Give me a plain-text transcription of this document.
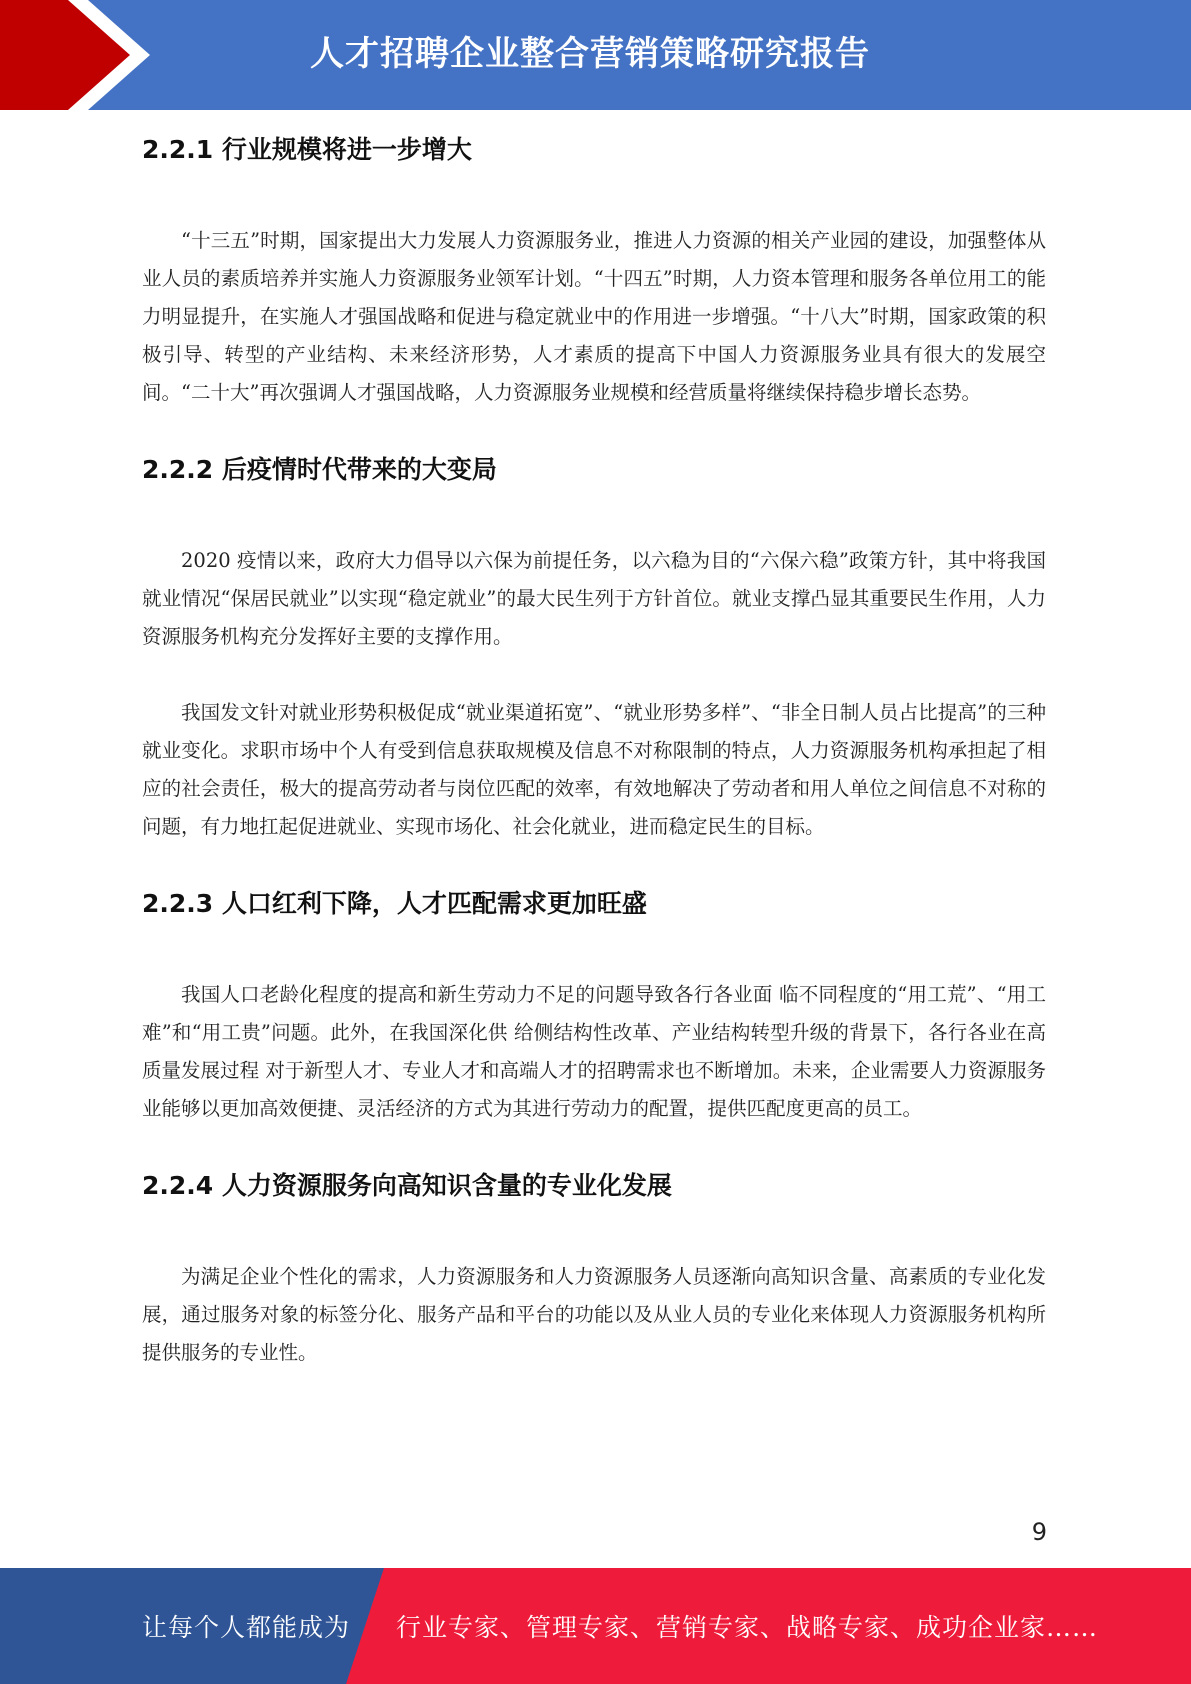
人才招聘企业整合营销策略研究报告
2.2.1 行业规模将进一步增大

“十三五”时期，国家提出大力发展人力资源服务业，推进人力资源的相关产业园的建设，加强整体从业人员的素质培养并实施人力资源服务业领军计划。“十四五”时期，人力资本管理和服务各单位用工的能力明显提升，在实施人才强国战略和促进与稳定就业中的作用进一步增强。“十八大”时期，国家政策的积极引导、转型的产业结构、未来经济形势，人才素质的提高下中国人力资源服务业具有很大的发展空间。“二十大”再次强调人才强国战略，人力资源服务业规模和经营质量将继续保持稳步增长态势。

2.2.2 后疫情时代带来的大变局

2020 疫情以来，政府大力倡导以六保为前提任务，以六稳为目的“六保六稳”政策方针，其中将我国就业情况“保居民就业”以实现“稳定就业”的最大民生列于方针首位。就业支撑凸显其重要民生作用，人力资源服务机构充分发挥好主要的支撑作用。

我国发文针对就业形势积极促成“就业渠道拓宽”、“就业形势多样”、“非全日制人员占比提高”的三种就业变化。求职市场中个人有受到信息获取规模及信息不对称限制的特点，人力资源服务机构承担起了相应的社会责任，极大的提高劳动者与岗位匹配的效率，有效地解决了劳动者和用人单位之间信息不对称的问题，有力地扛起促进就业、实现市场化、社会化就业，进而稳定民生的目标。

2.2.3 人口红利下降，人才匹配需求更加旺盛

我国人口老龄化程度的提高和新生劳动力不足的问题导致各行各业面 临不同程度的“用工荒”、“用工难”和“用工贵”问题。此外，在我国深化供 给侧结构性改革、产业结构转型升级的背景下，各行各业在高质量发展过程 对于新型人才、专业人才和高端人才的招聘需求也不断增加。未来，企业需要人力资源服务业能够以更加高效便捷、灵活经济的方式为其进行劳动力的配置，提供匹配度更高的员工。

2.2.4 人力资源服务向高知识含量的专业化发展

为满足企业个性化的需求，人力资源服务和人力资源服务人员逐渐向高知识含量、高素质的专业化发展，通过服务对象的标签分化、服务产品和平台的功能以及从业人员的专业化来体现人力资源服务机构所提供服务的专业性。

9
让每个人都能成为 行业专家、管理专家、营销专家、战略专家、成功企业家……
